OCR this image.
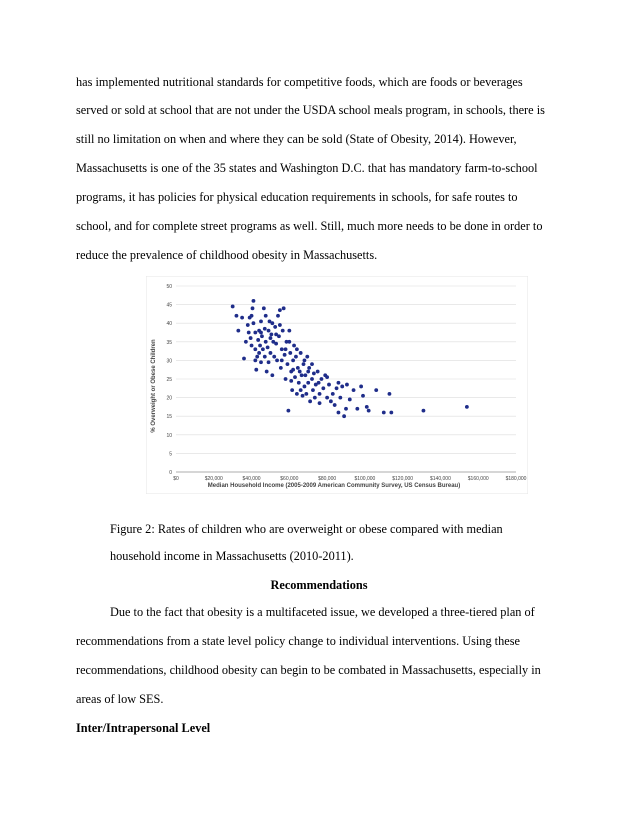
has implemented nutritional standards for competitive foods, which are foods or beverages
served or sold at school that are not under the USDA school meals program, in schools, there is
still no limitation on when and where they can be sold (State of Obesity, 2014). However,
Massachusetts is one of the 35 states and Washington D.C. that has mandatory farm-to-school
programs, it has policies for physical education requirements in schools, for safe routes to
school, and for complete street programs as well. Still, much more needs to be done in order to
reduce the prevalence of childhood obesity in Massachusetts.
0
5
10
15
20
25
30
35
40
45
50
$0	$20,000	$40,000	$60,000	$80,000	$100,000	$120,000	$140,000	$160,000	$180,000
% Overweight or Obese Children
Median Household Income (2005-2009 American Community Survey, US Census Bureau)
Figure 2: Rates of children who are overweight or obese compared with median
household income in Massachusetts (2010-2011).
Recommendations
Due to the fact that obesity is a multifaceted issue, we developed a three-tiered plan of
recommendations from a state level policy change to individual interventions. Using these
recommendations, childhood obesity can begin to be combated in Massachusetts, especially in
areas of low SES.
Inter/Intrapersonal Level
